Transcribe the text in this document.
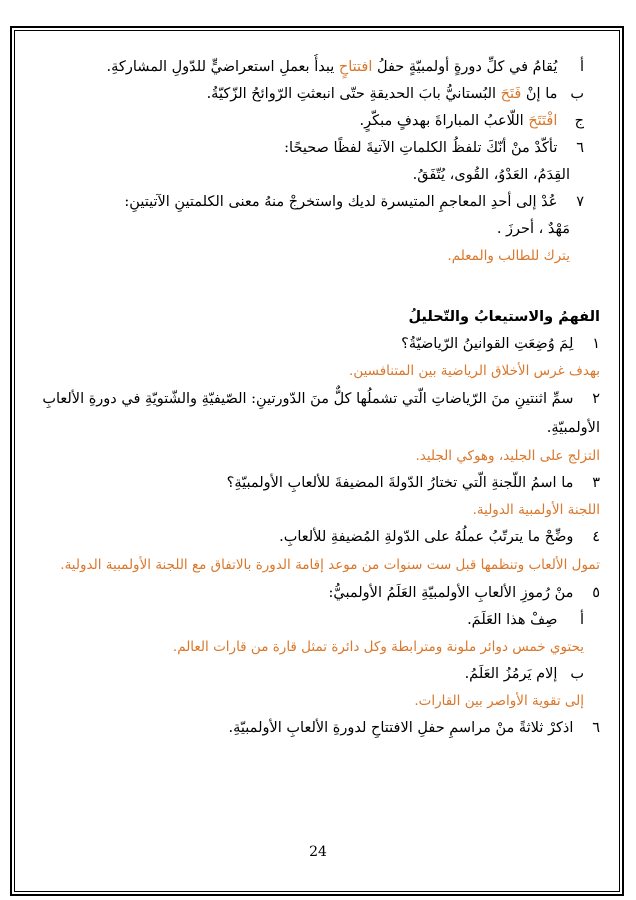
أ يُقامُ في كلِّ دورةٍ أولمبيّةٍ حفلُ افتتاحٍ يبدأُ بعملِ استعراضيٍّ للدّولِ المشاركةِ.
ب ما إنْ فَتَحَ البُستانيُّ بابَ الحديقةِ حتّى انبعثتِ الرّوائحُ الزّكيّةُ.
ج افْتَتَحَ اللّاعبُ المباراةَ بهدفٍ مبكّرٍ.
٦ تأكّدْ منْ أنّكَ تلفظُ الكلماتِ الآتيةَ لفظًا صحيحًا:
القِدَمُ، العَدْوُ، القُوى، يُتّفَقُ.
٧ عُدْ إلى أحدِ المعاجمِ المتيسرة لديك واستخرجْ منهُ معنى الكلمتينِ الآتيتينِ:
مَهْدٌ ، أحرزَ .
يترك للطالب والمعلم.
الفهمُ والاستيعابُ والتّحليلُ
١ لِمَ وُضِعَتِ القوانينُ الرّياضيّةُ؟
بهدف غرس الأخلاق الرياضية بين المتنافسين.
٢ سمِّ اثنتينِ منَ الرّياضاتِ الّتي تشملُها كلٌّ منَ الدّورتينِ: الصّيفيّةِ والشّتويّةِ في دورةِ الألعابِ الأولمبيّةِ.
التزلج على الجليد، وهوكي الجليد.
٣ ما اسمُ اللّجنةِ الّتي تختارُ الدّولةَ المضيفةَ للألعابِ الأولمبيّةِ؟
اللجنة الأولمبية الدولية.
٤ وضِّحْ ما يترتّبُ عملُهُ على الدّولةِ المُضيفةِ للألعابِ.
تمول الألعاب وتنظمها قبل ست سنوات من موعد إقامة الدورة بالاتفاق مع اللجنة الأولمبية الدولية.
٥ منْ رُموزِ الألعابِ الأولمبيّةِ العَلَمُ الأولمبيُّ:
أ صِفْ هذا العَلَمَ.
يحتوي خمس دوائر ملونة ومترابطة وكل دائرة تمثل قارة من قارات العالم.
ب إلام يَرمُزُ العَلَمُ.
إلى تقوية الأواصر بين القارات.
٦ اذكرْ ثلاثةً منْ مراسمِ حفلِ الافتتاحِ لدورةِ الألعابِ الأولمبيّةِ.
24
